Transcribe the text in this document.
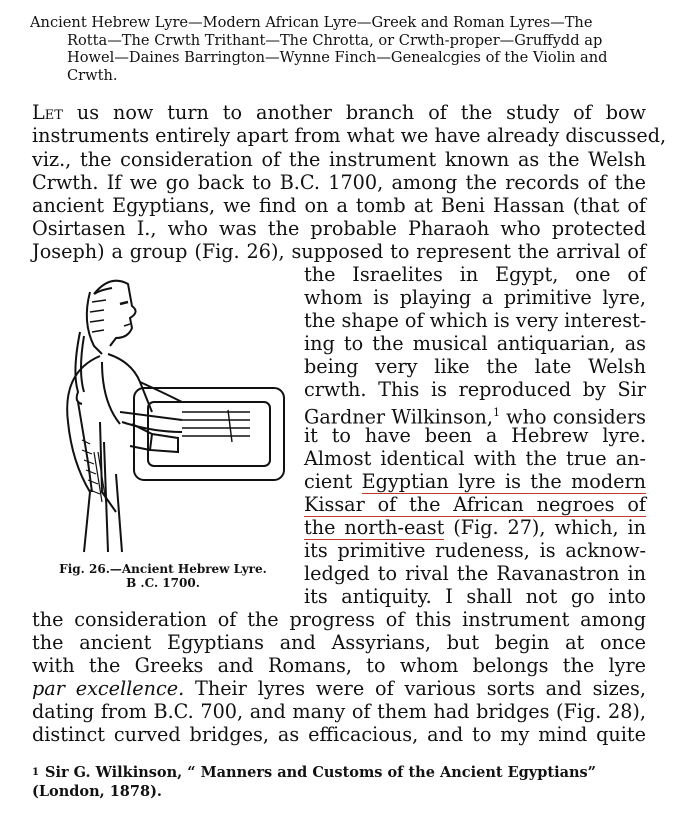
Ancient Hebrew Lyre—Modern African Lyre—Greek and Roman Lyres—The
Rotta—The Crwth Trithant—The Chrotta, or Crwth-proper—Gruffydd ap
Howel—Daines Barrington—Wynne Finch—Genealcgies of the Violin and
Crwth.
Let us now turn to another branch of the study of bow
instruments entirely apart from what we have already discussed,
viz., the consideration of the instrument known as the Welsh
Crwth. If we go back to B.C. 1700, among the records of the
ancient Egyptians, we find on a tomb at Beni Hassan (that of
Osirtasen I., who was the probable Pharaoh who protected
Joseph) a group (Fig. 26), supposed to represent the arrival of
the Israelites in Egypt, one of
whom is playing a primitive lyre,
the shape of which is very interest-
ing to the musical antiquarian, as
being very like the late Welsh
crwth. This is reproduced by Sir
Gardner Wilkinson,$^1$ who considers
it to have been a Hebrew lyre.
Almost identical with the true an-
cient Egyptian lyre is the modern
Kissar of the African negroes of
the north-east (Fig. 27), which, in
its primitive rudeness, is acknow-
ledged to rival the Ravanastron in
its antiquity. I shall not go into
the consideration of the progress of this instrument among
the ancient Egyptians and Assyrians, but begin at once
with the Greeks and Romans, to whom belongs the lyre
par excellence. Their lyres were of various sorts and sizes,
dating from B.C. 700, and many of them had bridges (Fig. 28),
distinct curved bridges, as efficacious, and to my mind quite
Fig. 26.—Ancient Hebrew Lyre.
B .C. 1700.
$^1$ Sir G. Wilkinson, “ Manners and Customs of the Ancient Egyptians”
(London, 1878).
